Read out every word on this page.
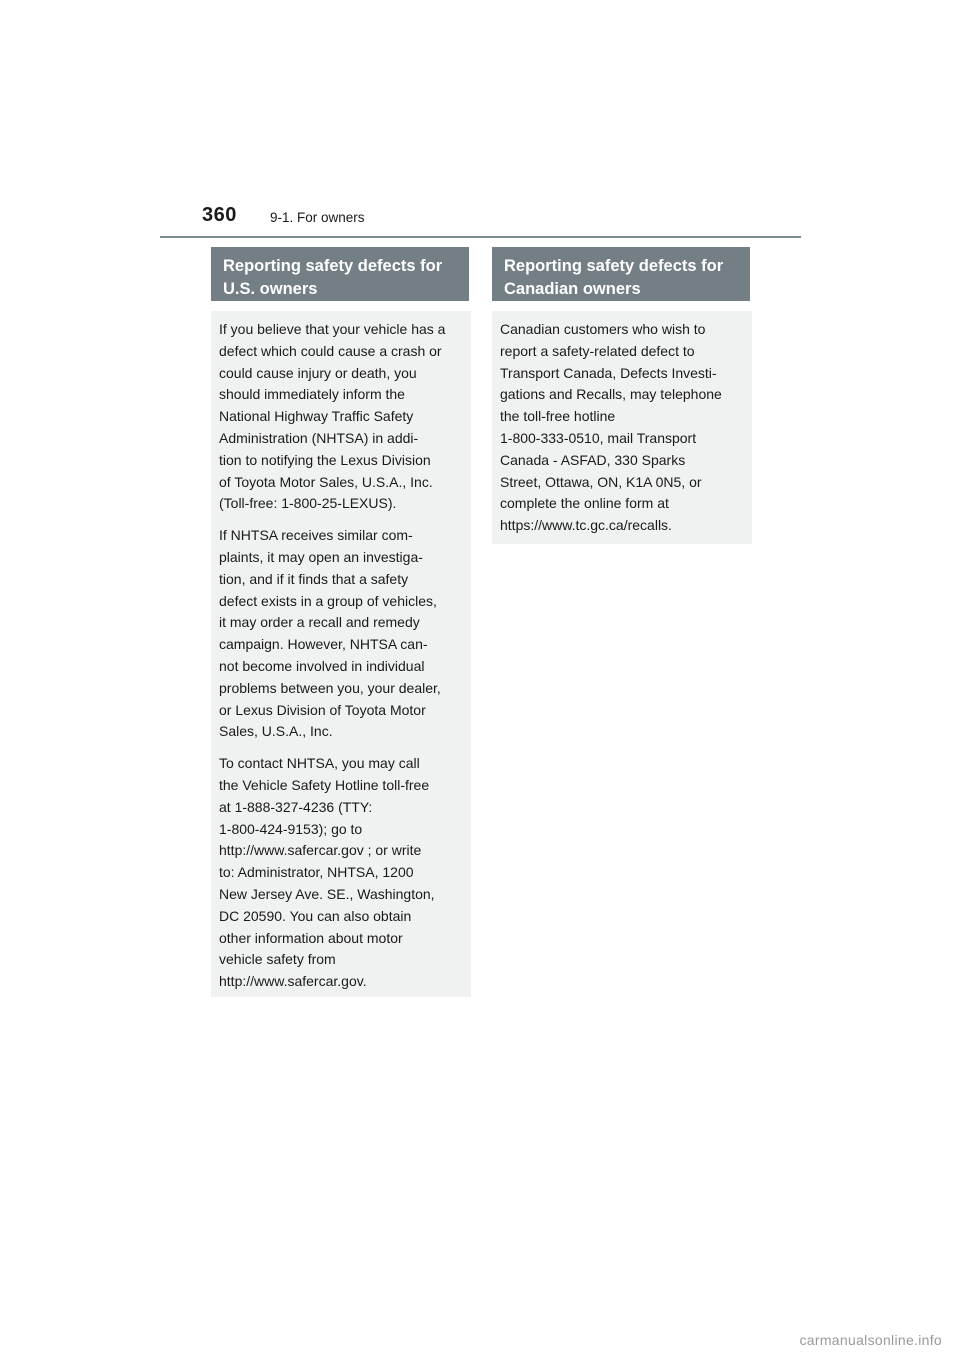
360 9-1. For owners
Reporting safety defects for
U.S. owners
Reporting safety defects for
Canadian owners

If you believe that your vehicle has a
defect which could cause a crash or
could cause injury or death, you
should immediately inform the
National Highway Traffic Safety
Administration (NHTSA) in addi-
tion to notifying the Lexus Division
of Toyota Motor Sales, U.S.A., Inc.
(Toll-free: 1-800-25-LEXUS).

If NHTSA receives similar com-
plaints, it may open an investiga-
tion, and if it finds that a safety
defect exists in a group of vehicles,
it may order a recall and remedy
campaign. However, NHTSA can-
not become involved in individual
problems between you, your dealer,
or Lexus Division of Toyota Motor
Sales, U.S.A., Inc.

To contact NHTSA, you may call
the Vehicle Safety Hotline toll-free
at 1-888-327-4236 (TTY:
1-800-424-9153); go to
http://www.safercar.gov ; or write
to: Administrator, NHTSA, 1200
New Jersey Ave. SE., Washington,
DC 20590. You can also obtain
other information about motor
vehicle safety from
http://www.safercar.gov.

Canadian customers who wish to
report a safety-related defect to
Transport Canada, Defects Investi-
gations and Recalls, may telephone
the toll-free hotline
1-800-333-0510, mail Transport
Canada - ASFAD, 330 Sparks
Street, Ottawa, ON, K1A 0N5, or
complete the online form at
https://www.tc.gc.ca/recalls.

carmanualsonline.info
